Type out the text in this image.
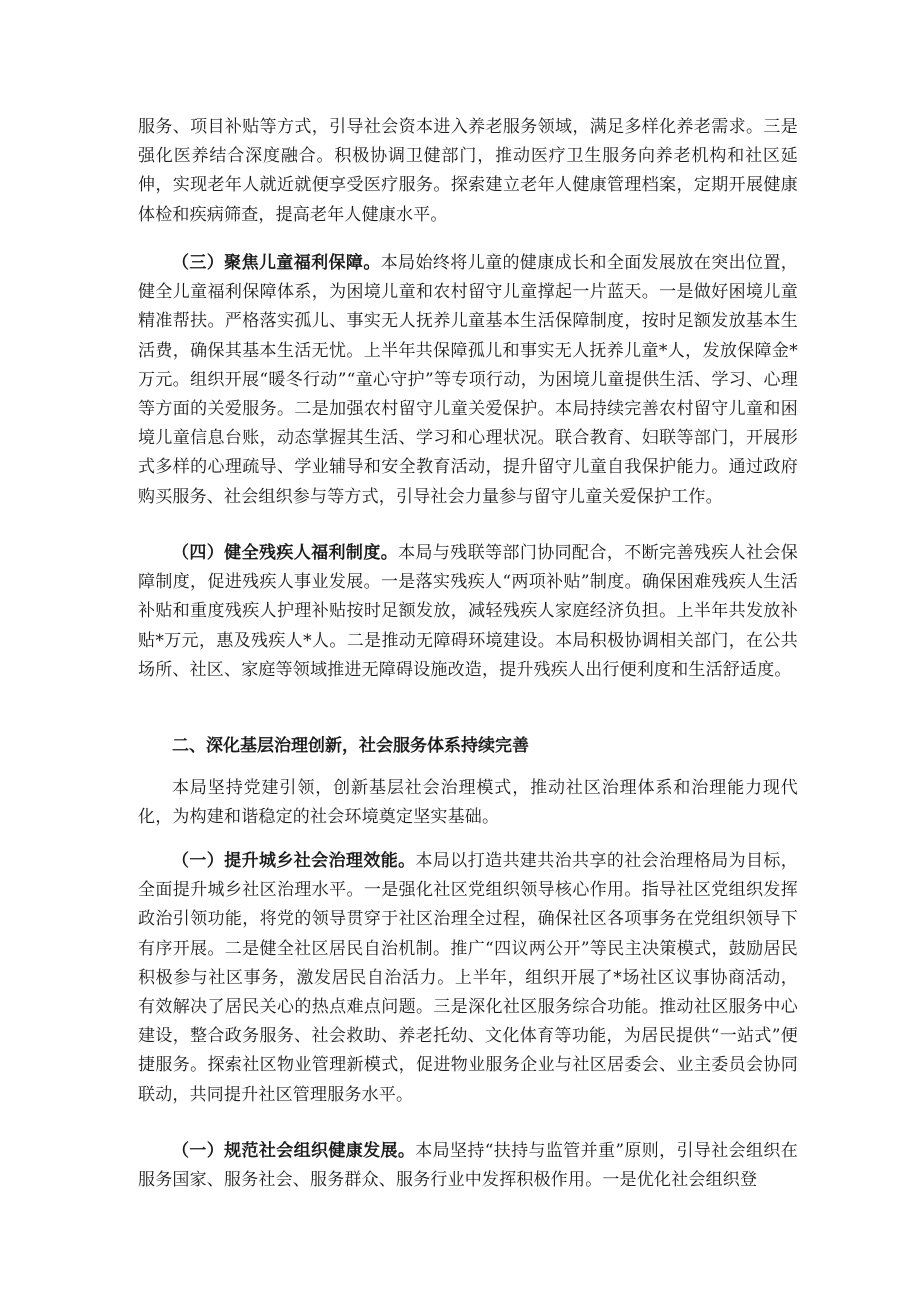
服务、项目补贴等方式，引导社会资本进入养老服务领域，满足多样化养老需求。三是强化医养结合深度融合。积极协调卫健部门，推动医疗卫生服务向养老机构和社区延伸，实现老年人就近就便享受医疗服务。探索建立老年人健康管理档案，定期开展健康体检和疾病筛查，提高老年人健康水平。

（三）聚焦儿童福利保障。本局始终将儿童的健康成长和全面发展放在突出位置，健全儿童福利保障体系，为困境儿童和农村留守儿童撑起一片蓝天。一是做好困境儿童精准帮扶。严格落实孤儿、事实无人抚养儿童基本生活保障制度，按时足额发放基本生活费，确保其基本生活无忧。上半年共保障孤儿和事实无人抚养儿童*人，发放保障金*万元。组织开展“暖冬行动”“童心守护”等专项行动，为困境儿童提供生活、学习、心理等方面的关爱服务。二是加强农村留守儿童关爱保护。本局持续完善农村留守儿童和困境儿童信息台账，动态掌握其生活、学习和心理状况。联合教育、妇联等部门，开展形式多样的心理疏导、学业辅导和安全教育活动，提升留守儿童自我保护能力。通过政府购买服务、社会组织参与等方式，引导社会力量参与留守儿童关爱保护工作。

（四）健全残疾人福利制度。本局与残联等部门协同配合，不断完善残疾人社会保障制度，促进残疾人事业发展。一是落实残疾人“两项补贴”制度。确保困难残疾人生活补贴和重度残疾人护理补贴按时足额发放，减轻残疾人家庭经济负担。上半年共发放补贴*万元，惠及残疾人*人。二是推动无障碍环境建设。本局积极协调相关部门，在公共场所、社区、家庭等领域推进无障碍设施改造，提升残疾人出行便利度和生活舒适度。

二、深化基层治理创新，社会服务体系持续完善

本局坚持党建引领，创新基层社会治理模式，推动社区治理体系和治理能力现代化，为构建和谐稳定的社会环境奠定坚实基础。

（一）提升城乡社会治理效能。本局以打造共建共治共享的社会治理格局为目标，全面提升城乡社区治理水平。一是强化社区党组织领导核心作用。指导社区党组织发挥政治引领功能，将党的领导贯穿于社区治理全过程，确保社区各项事务在党组织领导下有序开展。二是健全社区居民自治机制。推广“四议两公开”等民主决策模式，鼓励居民积极参与社区事务，激发居民自治活力。上半年，组织开展了*场社区议事协商活动，有效解决了居民关心的热点难点问题。三是深化社区服务综合功能。推动社区服务中心建设，整合政务服务、社会救助、养老托幼、文化体育等功能，为居民提供“一站式”便捷服务。探索社区物业管理新模式，促进物业服务企业与社区居委会、业主委员会协同联动，共同提升社区管理服务水平。

（一）规范社会组织健康发展。本局坚持“扶持与监管并重”原则，引导社会组织在服务国家、服务社会、服务群众、服务行业中发挥积极作用。一是优化社会组织登
